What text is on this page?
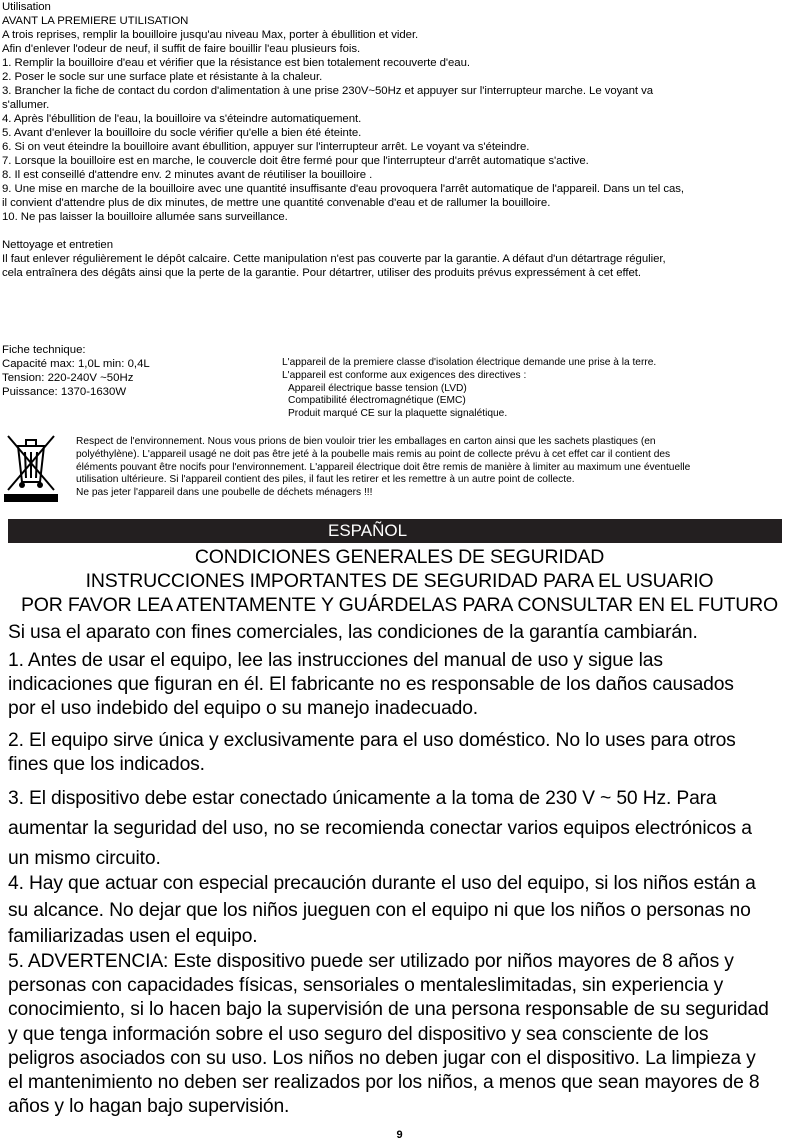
Utilisation

AVANT LA PREMIERE UTILISATION

A trois reprises, remplir la bouilloire jusqu'au niveau Max, porter à ébullition et vider.

Afin d'enlever l'odeur de neuf, il suffit de faire bouillir l'eau plusieurs fois.

1. Remplir la bouilloire d'eau et vérifier que la résistance est bien totalement recouverte d'eau.

2. Poser le socle sur une surface plate et résistante à la chaleur.

3. Brancher la fiche de contact du cordon d'alimentation à une prise 230V~50Hz et appuyer sur l'interrupteur marche. Le voyant va

s'allumer.

4. Après l'ébullition de l'eau, la bouilloire va s'éteindre automatiquement.

5. Avant d'enlever la bouilloire du socle vérifier qu'elle a bien été éteinte.

6. Si on veut éteindre la bouilloire avant ébullition, appuyer sur l'interrupteur arrêt. Le voyant va s'éteindre.

7. Lorsque la bouilloire est en marche, le couvercle doit être fermé pour que l'interrupteur d'arrêt automatique s'active.

8. Il est conseillé d'attendre env. 2 minutes avant de réutiliser la bouilloire .

9. Une mise en marche de la bouilloire avec une quantité insuffisante d'eau provoquera l'arrêt automatique de l'appareil. Dans un tel cas,

il convient d'attendre plus de dix minutes, de mettre une quantité convenable d'eau et de rallumer la bouilloire.

10. Ne pas laisser la bouilloire allumée sans surveillance.

Nettoyage et entretien

Il faut enlever régulièrement le dépôt calcaire. Cette manipulation n'est pas couverte par la garantie. A défaut d'un détartrage régulier,

cela entraînera des dégâts ainsi que la perte de la garantie. Pour détartrer, utiliser des produits prévus expressément à cet effet.

Fiche technique:

Capacité max: 1,0L min: 0,4L

Tension: 220-240V ~50Hz

Puissance: 1370-1630W

L'appareil de la premiere classe d'isolation électrique demande une prise à la terre.

L'appareil est conforme aux exigences des directives :

Appareil électrique basse tension (LVD)

Compatibilité électromagnétique (EMC)

Produit marqué CE sur la plaquette signalétique.

Respect de l'environnement. Nous vous prions de bien vouloir trier les emballages en carton ainsi que les sachets plastiques (en

polyéthylène). L'appareil usagé ne doit pas être jeté à la poubelle mais remis au point de collecte prévu à cet effet car il contient des

éléments pouvant être nocifs pour l'environnement. L'appareil électrique doit être remis de manière à limiter au maximum une éventuelle

utilisation ultérieure. Si l'appareil contient des piles, il faut les retirer et les remettre à un autre point de collecte.

Ne pas jeter l'appareil dans une poubelle de déchets ménagers !!!

ESPAÑOL
CONDICIONES GENERALES DE SEGURIDAD
INSTRUCCIONES IMPORTANTES DE SEGURIDAD PARA EL USUARIO
POR FAVOR LEA ATENTAMENTE Y GUÁRDELAS PARA CONSULTAR EN EL FUTURO

Si usa el aparato con fines comerciales, las condiciones de la garantía cambiarán.

1. Antes de usar el equipo, lee las instrucciones del manual de uso y sigue las

indicaciones que figuran en él. El fabricante no es responsable de los daños causados

por el uso indebido del equipo o su manejo inadecuado.

2. El equipo sirve única y exclusivamente para el uso doméstico. No lo uses para otros

fines que los indicados.

3. El dispositivo debe estar conectado únicamente a la toma de 230 V ~ 50 Hz. Para

aumentar la seguridad del uso, no se recomienda conectar varios equipos electrónicos a

un mismo circuito.

4. Hay que actuar con especial precaución durante el uso del equipo, si los niños están a

su alcance. No dejar que los niños jueguen con el equipo ni que los niños o personas no

familiarizadas usen el equipo.

5. ADVERTENCIA: Este dispositivo puede ser utilizado por niños mayores de 8 años y

personas con capacidades físicas, sensoriales o mentaleslimitadas, sin experiencia y

conocimiento, si lo hacen bajo la supervisión de una persona responsable de su seguridad

y que tenga información sobre el uso seguro del dispositivo y sea consciente de los

peligros asociados con su uso. Los niños no deben jugar con el dispositivo. La limpieza y

el mantenimiento no deben ser realizados por los niños, a menos que sean mayores de 8

años y lo hagan bajo supervisión.

9
